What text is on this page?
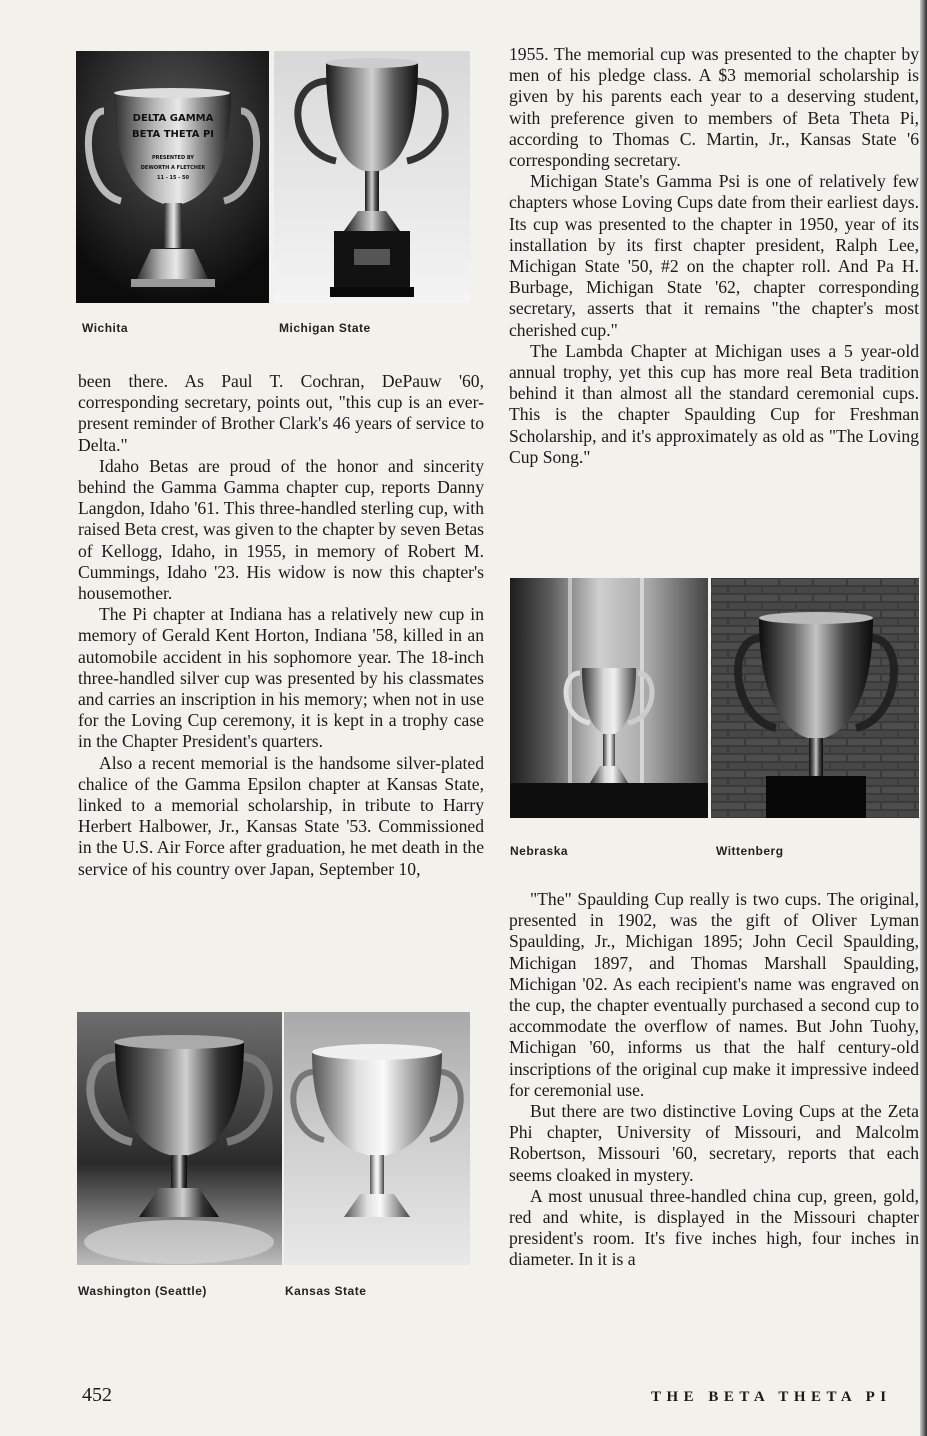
DELTA GAMMA
BETA THETA PI
PRESENTED BY
DEWORTH A FLETCHER
11 - 15 - 50
Wichita	Michigan State

been there. As Paul T. Cochran, DePauw '60, corresponding secretary, points out, "this cup is an ever-present reminder of Brother Clark's 46 years of service to Delta."

Idaho Betas are proud of the honor and sincerity behind the Gamma Gamma chapter cup, reports Danny Langdon, Idaho '61. This three-handled sterling cup, with raised Beta crest, was given to the chapter by seven Betas of Kellogg, Idaho, in 1955, in memory of Robert M. Cummings, Idaho '23. His widow is now this chapter's housemother.

The Pi chapter at Indiana has a relatively new cup in memory of Gerald Kent Horton, Indiana '58, killed in an automobile accident in his sophomore year. The 18-inch three-handled silver cup was presented by his classmates and carries an inscription in his memory; when not in use for the Loving Cup ceremony, it is kept in a trophy case in the Chapter President's quarters.

Also a recent memorial is the handsome silver-plated chalice of the Gamma Epsilon chapter at Kansas State, linked to a memorial scholarship, in tribute to Harry Herbert Halbower, Jr., Kansas State '53. Commissioned in the U.S. Air Force after graduation, he met death in the service of his country over Japan, September 10,

1955. The memorial cup was presented to the chapter by men of his pledge class. A $3 memorial scholarship is given by his parents each year to a deserving student, with preference given to members of Beta Theta Pi, according to Thomas C. Martin, Jr., Kansas State '6 corresponding secretary.

Michigan State's Gamma Psi is one of relatively few chapters whose Loving Cups date from their earliest days. Its cup was presented to the chapter in 1950, year of its installation by its first chapter president, Ralph Lee, Michigan State '50, #2 on the chapter roll. And Pa H. Burbage, Michigan State '62, chapter corresponding secretary, asserts that it remains "the chapter's most cherished cup."

The Lambda Chapter at Michigan uses a 5 year-old annual trophy, yet this cup has more real Beta tradition behind it than almost all the standard ceremonial cups. This is the chapter Spaulding Cup for Freshman Scholarship, and it's approximately as old as "The Loving Cup Song."

Nebraska	Wittenberg

"The" Spaulding Cup really is two cups. The original, presented in 1902, was the gift of Oliver Lyman Spaulding, Jr., Michigan 1895; John Cecil Spaulding, Michigan 1897, and Thomas Marshall Spaulding, Michigan '02. As each recipient's name was engraved on the cup, the chapter eventually purchased a second cup to accommodate the overflow of names. But John Tuohy, Michigan '60, informs us that the half century-old inscriptions of the original cup make it impressive indeed for ceremonial use.

But there are two distinctive Loving Cups at the Zeta Phi chapter, University of Missouri, and Malcolm Robertson, Missouri '60, secretary, reports that each seems cloaked in mystery.

A most unusual three-handled china cup, green, gold, red and white, is displayed in the Missouri chapter president's room. It's five inches high, four inches in diameter. In it is a

Washington (Seattle)	Kansas State
452	THE BETA THETA PI
